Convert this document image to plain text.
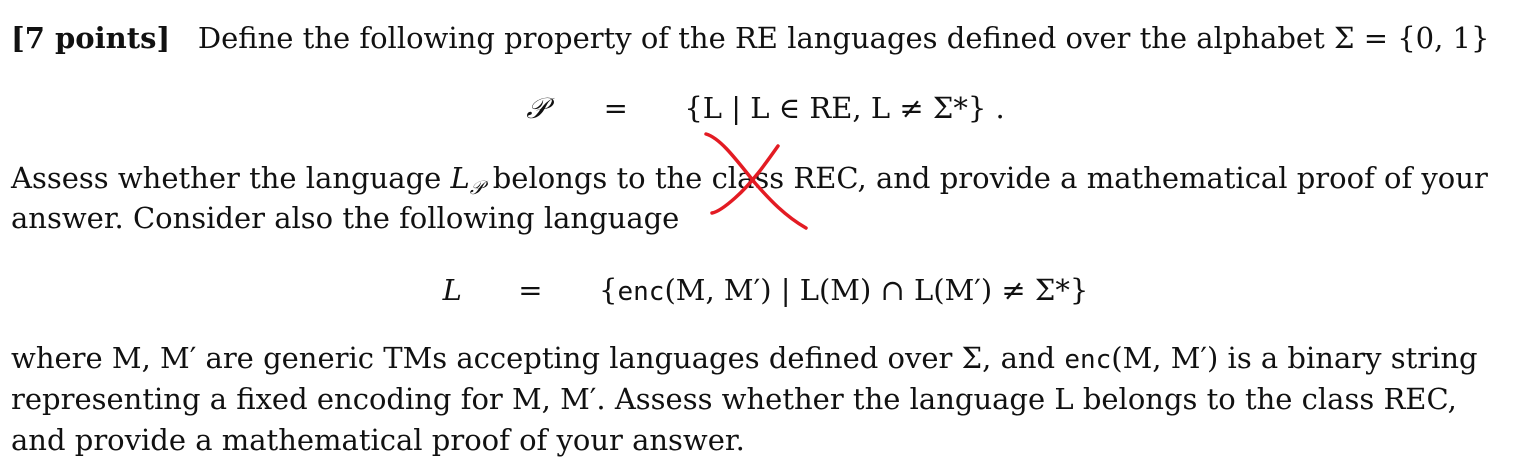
[7 points] Define the following property of the RE languages defined over the alphabet Σ = {0, 1}
𝒫 = {L | L ∈ RE, L ≠ Σ*} .
Assess whether the language $L_𝒫$ belongs to the class REC, and provide a mathematical proof of your
answer. Consider also the following language
L = {enc(M, M′) | L(M) ∩ L(M′) ≠ Σ*}
where M, M′ are generic TMs accepting languages defined over Σ, and enc(M, M′) is a binary string
representing a fixed encoding for M, M′. Assess whether the language L belongs to the class REC,
and provide a mathematical proof of your answer.
